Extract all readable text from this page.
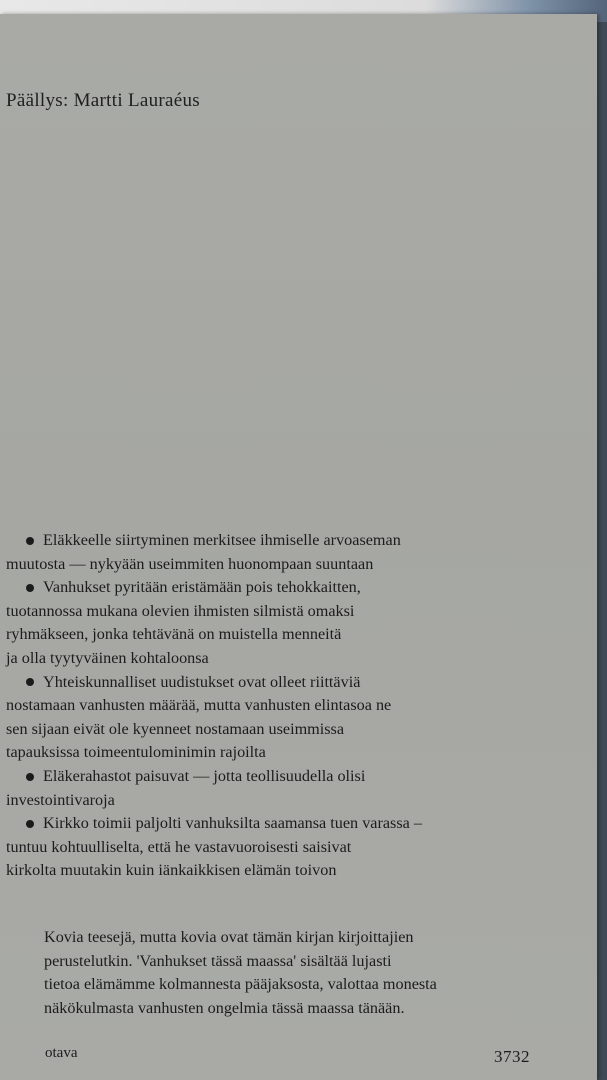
Päällys: Martti Lauraéus
Eläkkeelle siirtyminen merkitsee ihmiselle arvoaseman
muutosta — nykyään useimmiten huonompaan suuntaan
Vanhukset pyritään eristämään pois tehokkaitten,
tuotannossa mukana olevien ihmisten silmistä omaksi
ryhmäkseen, jonka tehtävänä on muistella menneitä
ja olla tyytyväinen kohtaloonsa
Yhteiskunnalliset uudistukset ovat olleet riittäviä
nostamaan vanhusten määrää, mutta vanhusten elintasoa ne
sen sijaan eivät ole kyenneet nostamaan useimmissa
tapauksissa toimeentulominimin rajoilta
Eläkerahastot paisuvat — jotta teollisuudella olisi
investointivaroja
Kirkko toimii paljolti vanhuksilta saamansa tuen varassa –
tuntuu kohtuulliselta, että he vastavuoroisesti saisivat
kirkolta muutakin kuin iänkaikkisen elämän toivon
Kovia teesejä, mutta kovia ovat tämän kirjan kirjoittajien
perustelutkin. 'Vanhukset tässä maassa' sisältää lujasti
tietoa elämämme kolmannesta pääjaksosta, valottaa monesta
näkökulmasta vanhusten ongelmia tässä maassa tänään.
otava	3732
